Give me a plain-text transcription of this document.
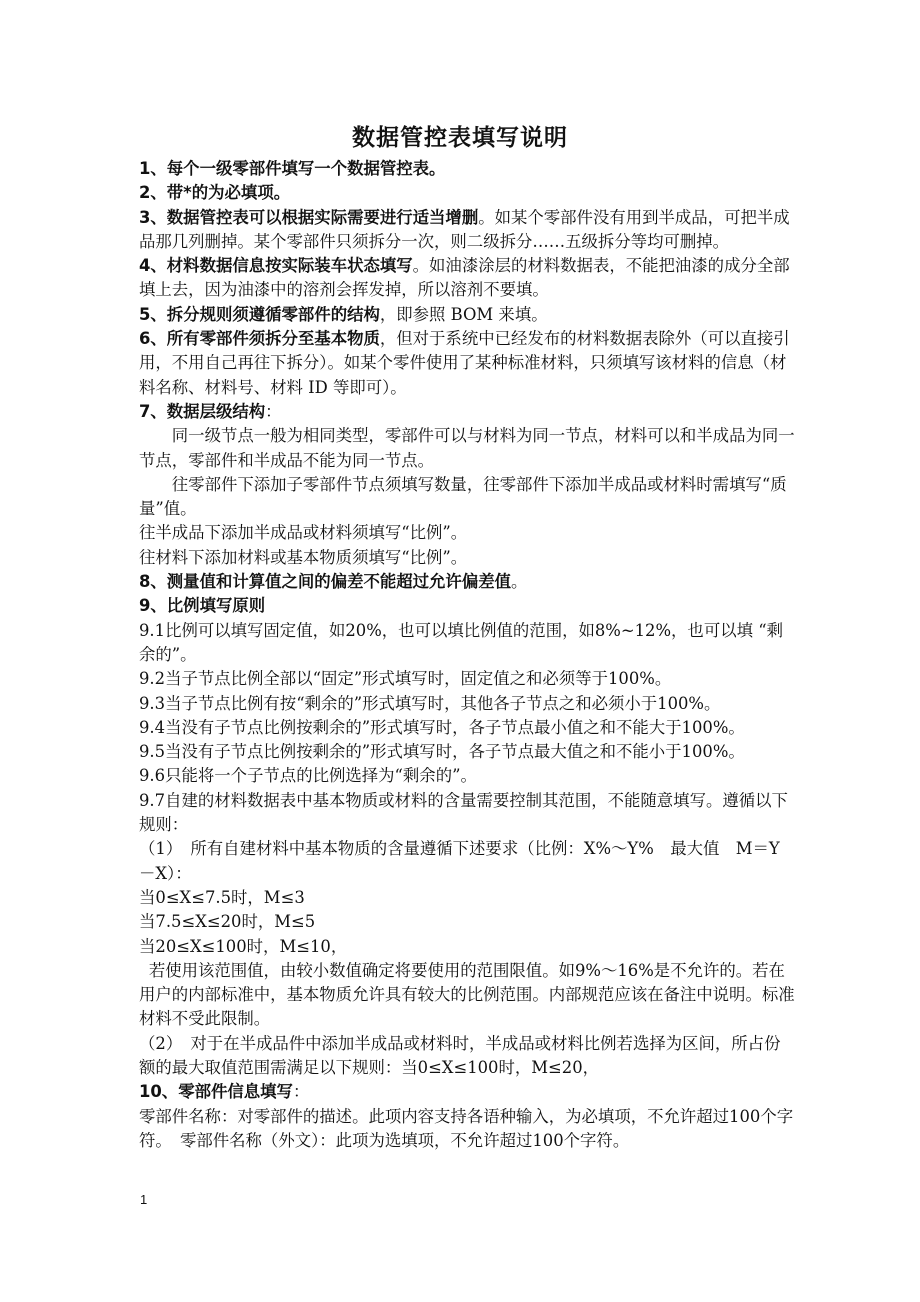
数据管控表填写说明

1、每个一级零部件填写一个数据管控表。

2、带*的为必填项。

3、数据管控表可以根据实际需要进行适当增删。如某个零部件没有用到半成品，可把半成品那几列删掉。某个零部件只须拆分一次，则二级拆分……五级拆分等均可删掉。

4、材料数据信息按实际装车状态填写。如油漆涂层的材料数据表，不能把油漆的成分全部填上去，因为油漆中的溶剂会挥发掉，所以溶剂不要填。

5、拆分规则须遵循零部件的结构，即参照 BOM 来填。

6、所有零部件须拆分至基本物质，但对于系统中已经发布的材料数据表除外（可以直接引用，不用自己再往下拆分）。如某个零件使用了某种标准材料，只须填写该材料的信息（材料名称、材料号、材料 ID 等即可）。

7、数据层级结构：

同一级节点一般为相同类型，零部件可以与材料为同一节点，材料可以和半成品为同一节点，零部件和半成品不能为同一节点。

往零部件下添加子零部件节点须填写数量，往零部件下添加半成品或材料时需填写“质量”值。

往半成品下添加半成品或材料须填写“比例”。

往材料下添加材料或基本物质须填写“比例”。

8、测量值和计算值之间的偏差不能超过允许偏差值。

9、比例填写原则

9.1比例可以填写固定值，如20%，也可以填比例值的范围，如8%~12%，也可以填 “剩余的”。

9.2当子节点比例全部以“固定”形式填写时，固定值之和必须等于100%。

9.3当子节点比例有按“剩余的”形式填写时，其他各子节点之和必须小于100%。

9.4当没有子节点比例按剩余的”形式填写时，各子节点最小值之和不能大于100%。

9.5当没有子节点比例按剩余的”形式填写时，各子节点最大值之和不能小于100%。

9.6只能将一个子节点的比例选择为“剩余的”。

9.7自建的材料数据表中基本物质或材料的含量需要控制其范围，不能随意填写。遵循以下规则：

（1）　所有自建材料中基本物质的含量遵循下述要求（比例：X%～Y%　最大值　M＝Y　－X）：

当0≤X≤7.5时，M≤3

当7.5≤X≤20时，M≤5

当20≤X≤100时，M≤10，

若使用该范围值，由较小数值确定将要使用的范围限值。如9%～16%是不允许的。若在用户的内部标准中，基本物质允许具有较大的比例范围。内部规范应该在备注中说明。标准材料不受此限制。

（2）　对于在半成品件中添加半成品或材料时，半成品或材料比例若选择为区间，所占份额的最大取值范围需满足以下规则：当0≤X≤100时，M≤20，

10、零部件信息填写：

零部件名称：对零部件的描述。此项内容支持各语种输入，为必填项，不允许超过100个字符。　零部件名称（外文）：此项为选填项，不允许超过100个字符。

1
